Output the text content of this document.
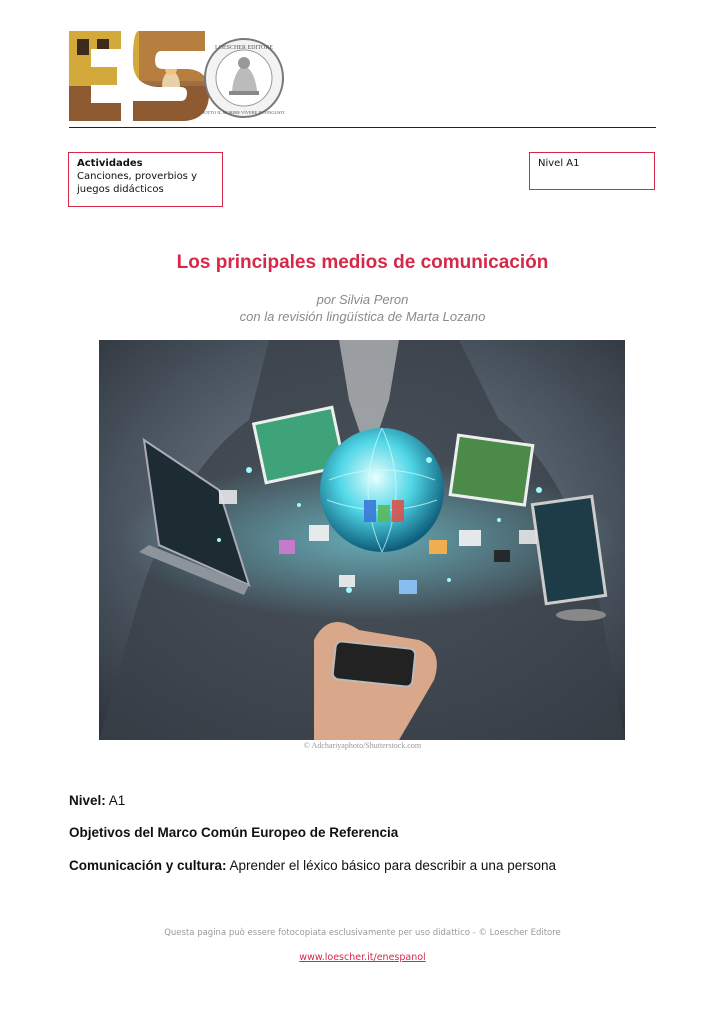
LOESCHER EDITORE
SOTTO IL MORIRE VIVERE BUONGUSTO
Actividades
Canciones, proverbios y
juegos didácticos
Nivel A1
Los principales medios de comunicación
por Silvia Peron
con la revisión lingüística de Marta Lozano
© Adchariyaphoto/Shutterstock.com
Nivel: A1
Objetivos del Marco Común Europeo de Referencia
Comunicación y cultura: Aprender el léxico básico para describir a una persona
Questa pagina può essere fotocopiata esclusivamente per uso didattico - © Loescher Editore
www.loescher.it/enespanol
